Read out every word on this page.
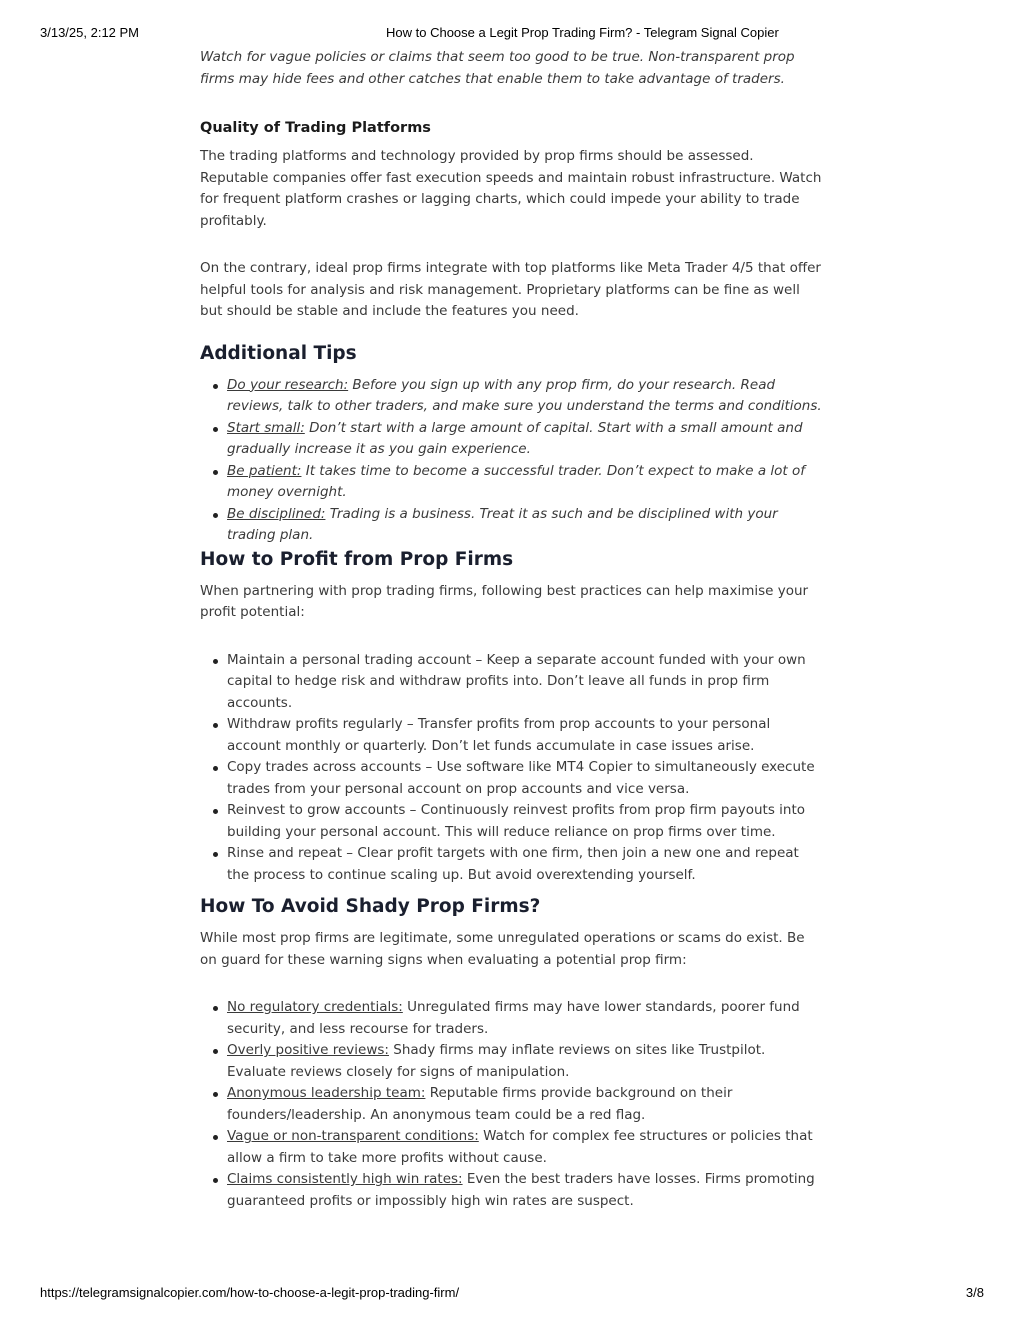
3/13/25, 2:12 PM	How to Choose a Legit Prop Trading Firm? - Telegram Signal Copier

Watch for vague policies or claims that seem too good to be true. Non-transparent prop firms may hide fees and other catches that enable them to take advantage of traders.

Quality of Trading Platforms

The trading platforms and technology provided by prop firms should be assessed. Reputable companies offer fast execution speeds and maintain robust infrastructure. Watch for frequent platform crashes or lagging charts, which could impede your ability to trade profitably.

On the contrary, ideal prop firms integrate with top platforms like Meta Trader 4/5 that offer helpful tools for analysis and risk management. Proprietary platforms can be fine as well but should be stable and include the features you need.

Additional Tips
Do your research: Before you sign up with any prop firm, do your research. Read reviews, talk to other traders, and make sure you understand the terms and conditions.
Start small: Don’t start with a large amount of capital. Start with a small amount and gradually increase it as you gain experience.
Be patient: It takes time to become a successful trader. Don’t expect to make a lot of money overnight.
Be disciplined: Trading is a business. Treat it as such and be disciplined with your trading plan.
How to Profit from Prop Firms

When partnering with prop trading firms, following best practices can help maximise your profit potential:

Maintain a personal trading account – Keep a separate account funded with your own capital to hedge risk and withdraw profits into. Don’t leave all funds in prop firm accounts.
Withdraw profits regularly – Transfer profits from prop accounts to your personal account monthly or quarterly. Don’t let funds accumulate in case issues arise.
Copy trades across accounts – Use software like MT4 Copier to simultaneously execute trades from your personal account on prop accounts and vice versa.
Reinvest to grow accounts – Continuously reinvest profits from prop firm payouts into building your personal account. This will reduce reliance on prop firms over time.
Rinse and repeat – Clear profit targets with one firm, then join a new one and repeat the process to continue scaling up. But avoid overextending yourself.
How To Avoid Shady Prop Firms?

While most prop firms are legitimate, some unregulated operations or scams do exist. Be on guard for these warning signs when evaluating a potential prop firm:

No regulatory credentials: Unregulated firms may have lower standards, poorer fund security, and less recourse for traders.
Overly positive reviews: Shady firms may inflate reviews on sites like Trustpilot. Evaluate reviews closely for signs of manipulation.
Anonymous leadership team: Reputable firms provide background on their founders/leadership. An anonymous team could be a red flag.
Vague or non-transparent conditions: Watch for complex fee structures or policies that allow a firm to take more profits without cause.
Claims consistently high win rates: Even the best traders have losses. Firms promoting guaranteed profits or impossibly high win rates are suspect.
https://telegramsignalcopier.com/how-to-choose-a-legit-prop-trading-firm/	3/8
